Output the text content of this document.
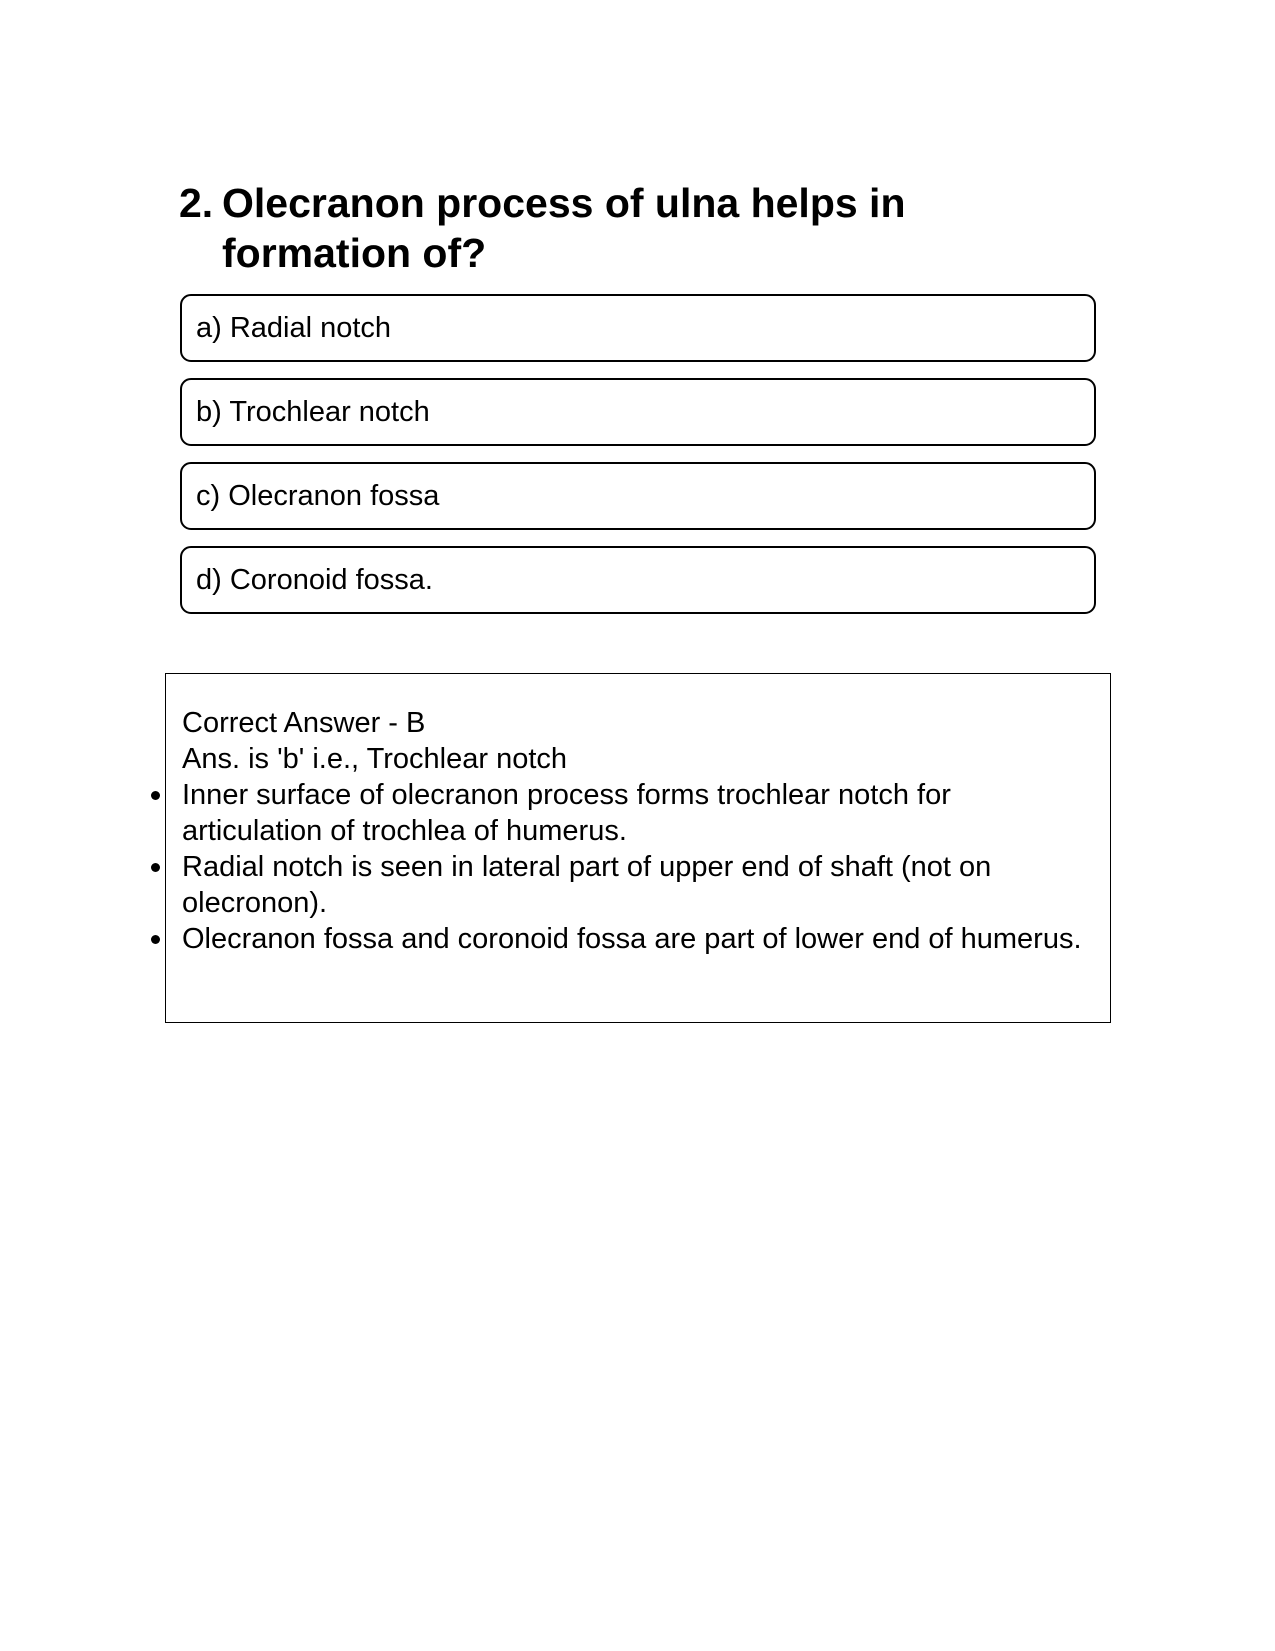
2. Olecranon process of ulna helps in formation of?
a) Radial notch
b) Trochlear notch
c) Olecranon fossa
d) Coronoid fossa.

Correct Answer - B

Ans. is 'b' i.e., Trochlear notch

Inner surface of olecranon process forms trochlear notch for articulation of trochlea of humerus.
Radial notch is seen in lateral part of upper end of shaft (not on olecronon).
Olecranon fossa and coronoid fossa are part of lower end of humerus.
